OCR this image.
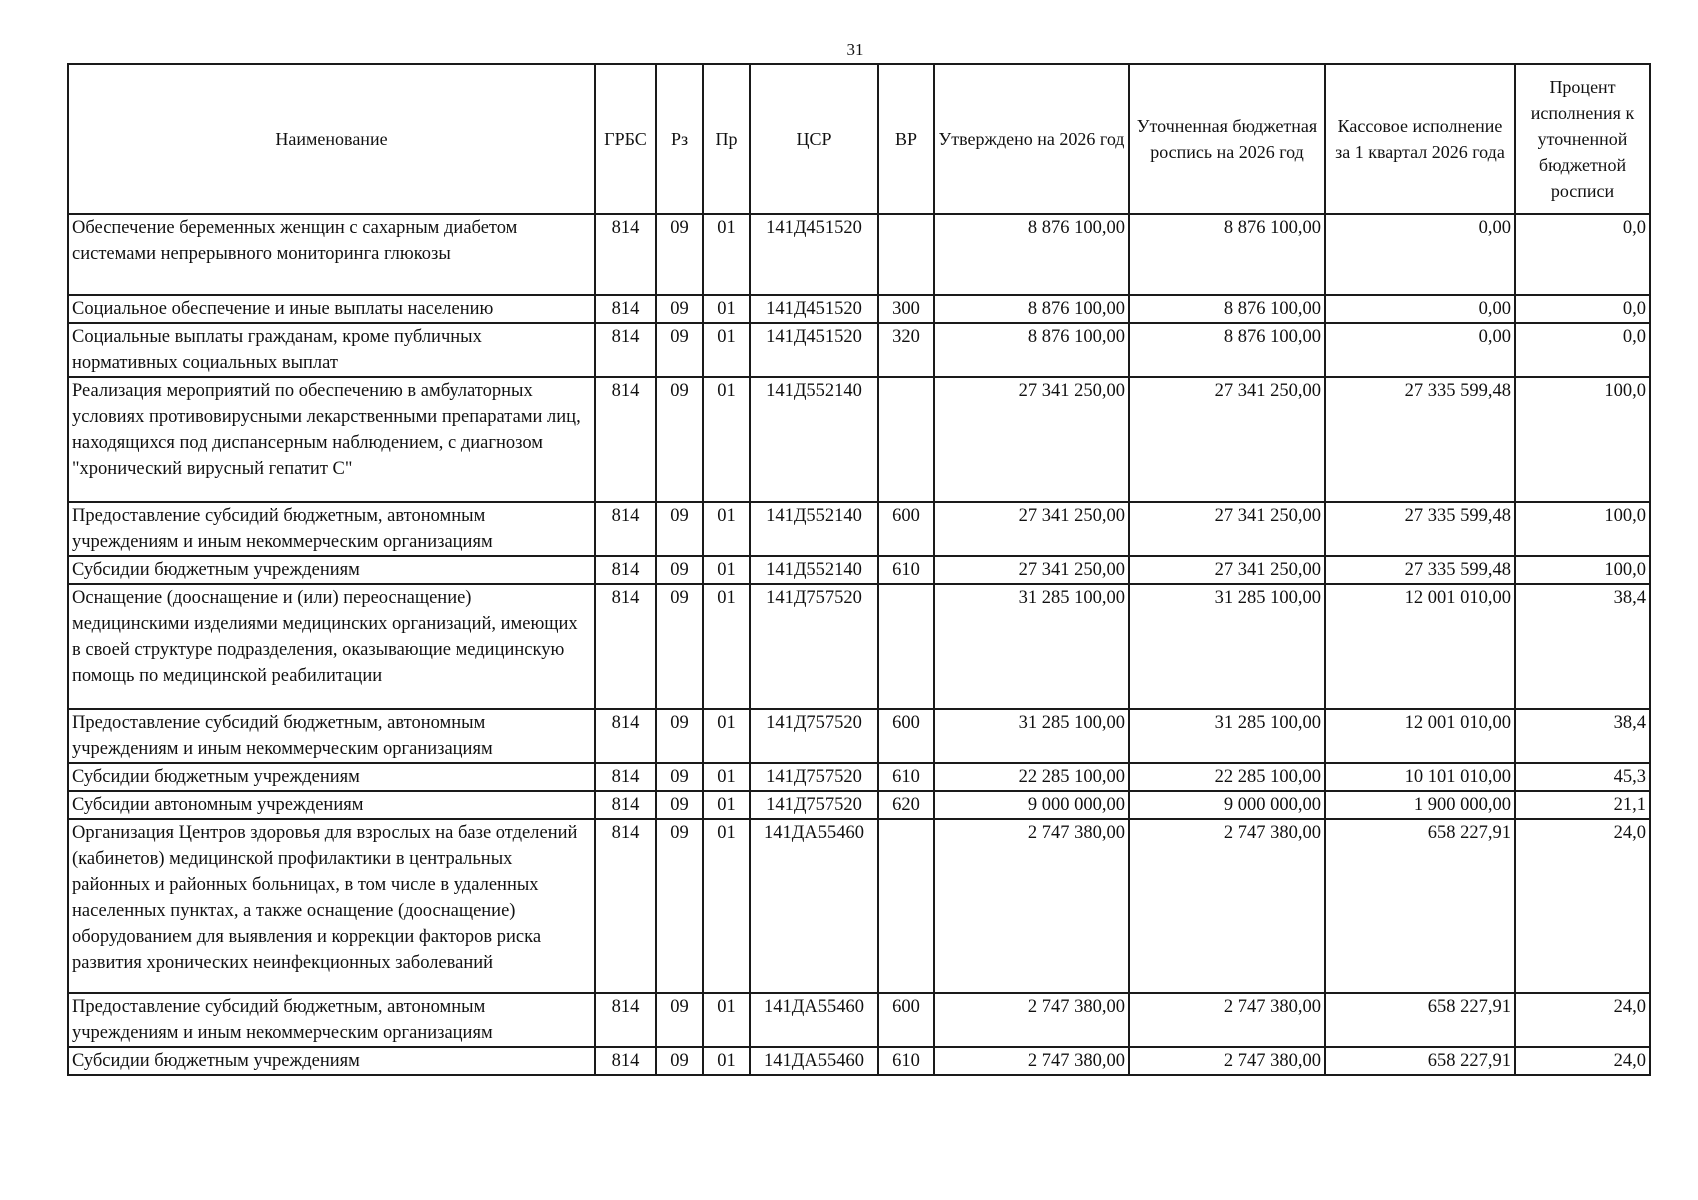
31
Наименование	ГРБС	Рз	Пр	ЦСР	ВР	Утверждено на 2026 год	Уточненная бюджетная роспись на 2026 год	Кассовое исполнение за 1 квартал 2026 года	Процент исполнения к уточненной бюджетной росписи
Обеспечение беременных женщин с сахарным диабетом системами непрерывного мониторинга глюкозы	814	09	01	141Д451520		8 876 100,00	8 876 100,00	0,00	0,0
Социальное обеспечение и иные выплаты населению	814	09	01	141Д451520	300	8 876 100,00	8 876 100,00	0,00	0,0
Социальные выплаты гражданам, кроме публичных нормативных социальных выплат	814	09	01	141Д451520	320	8 876 100,00	8 876 100,00	0,00	0,0
Реализация мероприятий по обеспечению в амбулаторных условиях противовирусными лекарственными препаратами лиц, находящихся под диспансерным наблюдением, с диагнозом "хронический вирусный гепатит С"	814	09	01	141Д552140		27 341 250,00	27 341 250,00	27 335 599,48	100,0
Предоставление субсидий бюджетным, автономным учреждениям и иным некоммерческим организациям	814	09	01	141Д552140	600	27 341 250,00	27 341 250,00	27 335 599,48	100,0
Субсидии бюджетным учреждениям	814	09	01	141Д552140	610	27 341 250,00	27 341 250,00	27 335 599,48	100,0
Оснащение (дооснащение и (или) переоснащение) медицинскими изделиями медицинских организаций, имеющих в своей структуре подразделения, оказывающие медицинскую помощь по медицинской реабилитации	814	09	01	141Д757520		31 285 100,00	31 285 100,00	12 001 010,00	38,4
Предоставление субсидий бюджетным, автономным учреждениям и иным некоммерческим организациям	814	09	01	141Д757520	600	31 285 100,00	31 285 100,00	12 001 010,00	38,4
Субсидии бюджетным учреждениям	814	09	01	141Д757520	610	22 285 100,00	22 285 100,00	10 101 010,00	45,3
Субсидии автономным учреждениям	814	09	01	141Д757520	620	9 000 000,00	9 000 000,00	1 900 000,00	21,1
Организация Центров здоровья для взрослых на базе отделений (кабинетов) медицинской профилактики в центральных районных и районных больницах, в том числе в удаленных населенных пунктах, а также оснащение (дооснащение) оборудованием для выявления и коррекции факторов риска развития хронических неинфекционных заболеваний	814	09	01	141ДА55460		2 747 380,00	2 747 380,00	658 227,91	24,0
Предоставление субсидий бюджетным, автономным учреждениям и иным некоммерческим организациям	814	09	01	141ДА55460	600	2 747 380,00	2 747 380,00	658 227,91	24,0
Субсидии бюджетным учреждениям	814	09	01	141ДА55460	610	2 747 380,00	2 747 380,00	658 227,91	24,0
